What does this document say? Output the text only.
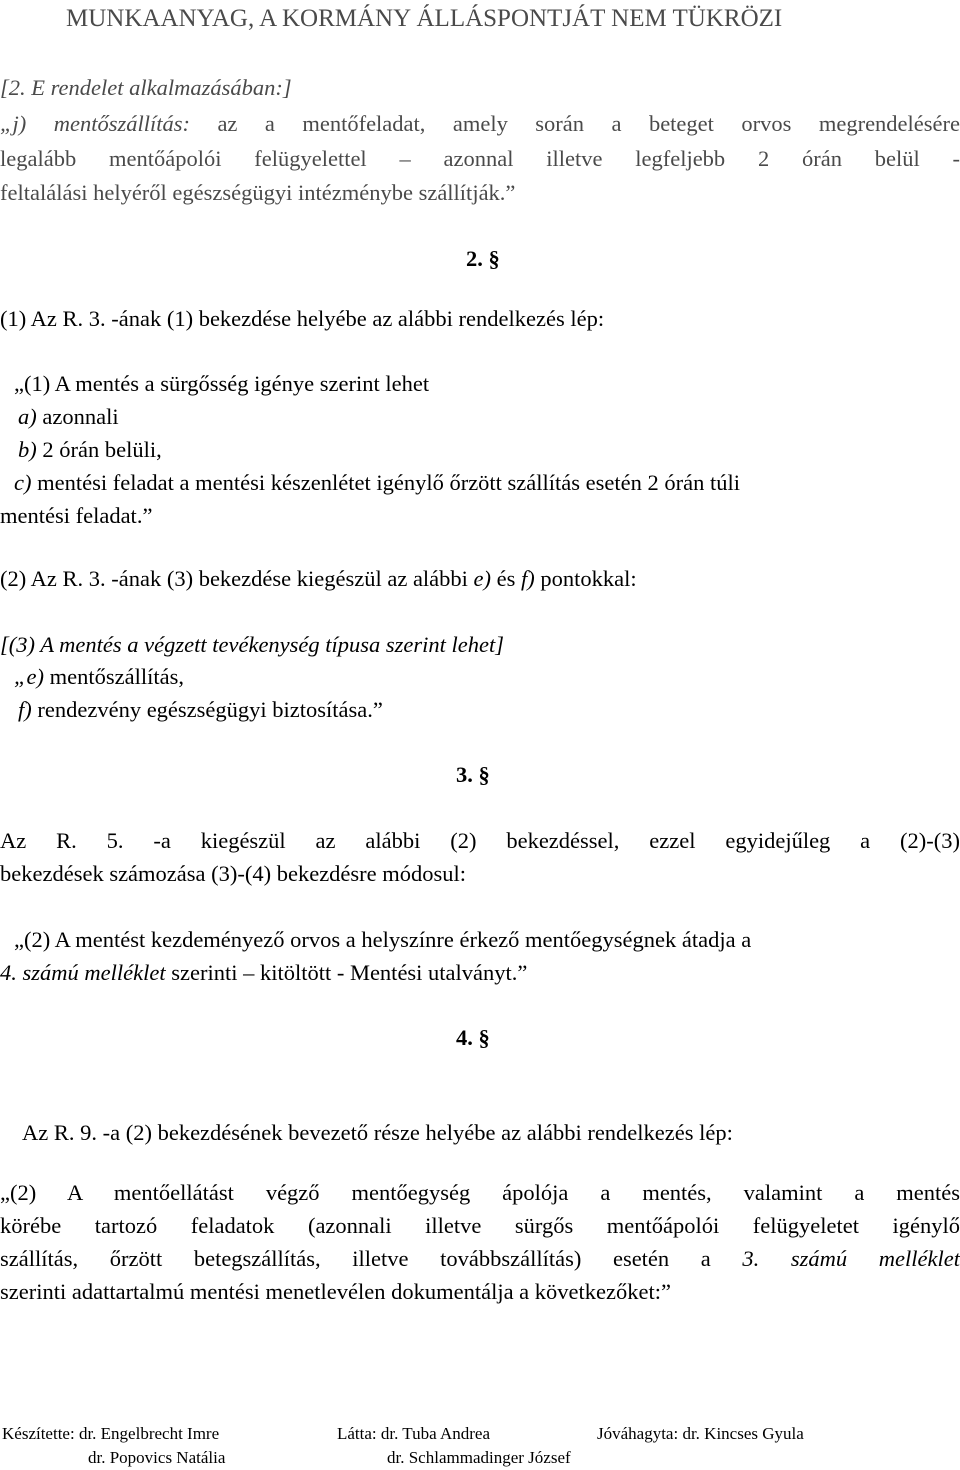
MUNKAANYAG, A KORMÁNY ÁLLÁSPONTJÁT NEM TÜKRÖZI
[2. E rendelet alkalmazásában:]
„j) mentőszállítás: az a mentőfeladat, amely során a beteget orvos megrendelésére
legalább mentőápolói felügyelettel – azonnal illetve legfeljebb 2 órán belül -
feltalálási helyéről egészségügyi intézménybe szállítják.”
2. §
(1) Az R. 3. -ának (1) bekezdése helyébe az alábbi rendelkezés lép:
„(1) A mentés a sürgősség igénye szerint lehet
a) azonnali
b) 2 órán belüli,
c) mentési feladat a mentési készenlétet igénylő őrzött szállítás esetén 2 órán túli
mentési feladat.”
(2) Az R. 3. -ának (3) bekezdése kiegészül az alábbi e) és f) pontokkal:
[(3) A mentés a végzett tevékenység típusa szerint lehet]
„e) mentőszállítás,
f) rendezvény egészségügyi biztosítása.”
3. §
Az R. 5. -a kiegészül az alábbi (2) bekezdéssel, ezzel egyidejűleg a (2)-(3)
bekezdések számozása (3)-(4) bekezdésre módosul:
„(2) A mentést kezdeményező orvos a helyszínre érkező mentőegységnek átadja a
4. számú melléklet szerinti – kitöltött - Mentési utalványt.”
4. §
Az R. 9. -a (2) bekezdésének bevezető része helyébe az alábbi rendelkezés lép:
„(2) A mentőellátást végző mentőegység ápolója a mentés, valamint a mentés
körébe tartozó feladatok (azonnali illetve sürgős mentőápolói felügyeletet igénylő
szállítás, őrzött betegszállítás, illetve továbbszállítás) esetén a 3. számú melléklet
szerinti adattartalmú mentési menetlevélen dokumentálja a következőket:”
Készítette: dr. Engelbrecht Imre
dr. Popovics Natália
Látta: dr. Tuba Andrea
dr. Schlammadinger József
Jóváhagyta: dr. Kincses Gyula
